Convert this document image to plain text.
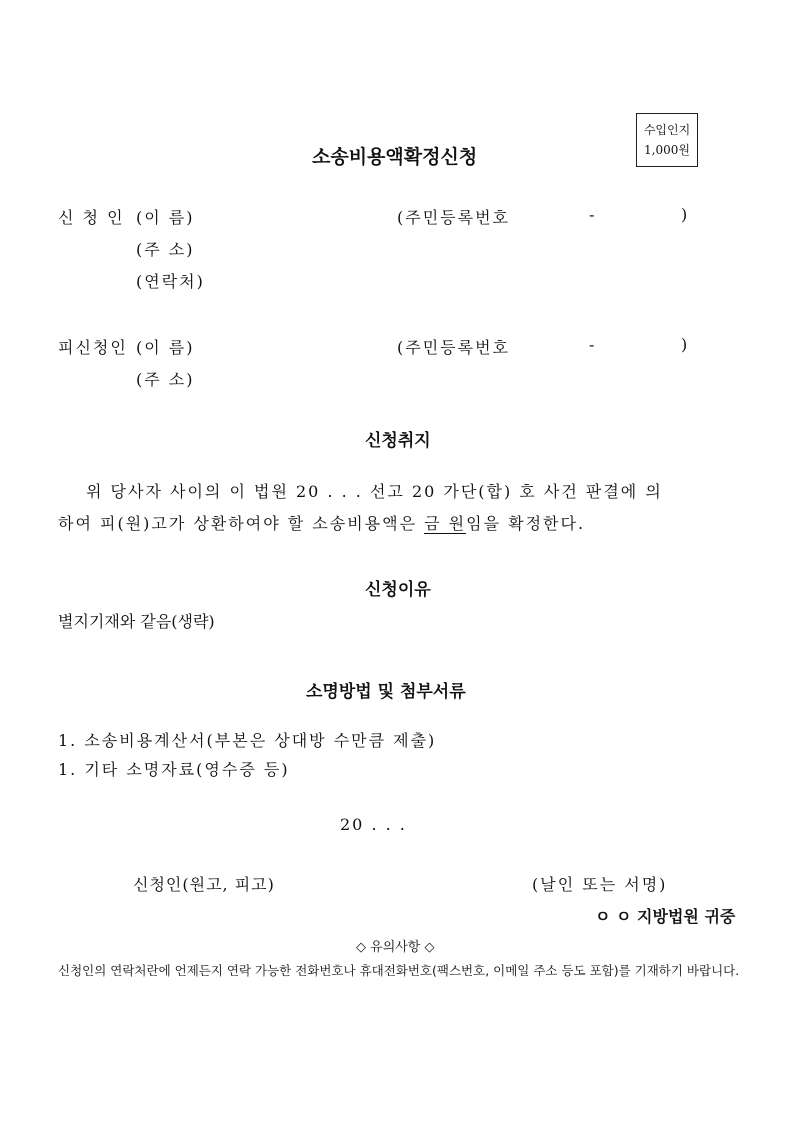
수입인지
1,000원
소송비용액확정신청
신 청 인 (이 름)	(주민등록번호	-	)
(주 소)
(연락처)
피신청인 (이 름)	(주민등록번호	-	)
(주 소)
신청취지
위 당사자 사이의 이 법원 20 . . . 선고 20 가단(합) 호 사건 판결에 의
하여 피(원)고가 상환하여야 할 소송비용액은 금 원임을 확정한다.
신청이유
별지기재와 같음(생략)
소명방법 및 첨부서류
1. 소송비용계산서(부본은 상대방 수만큼 제출)
1. 기타 소명자료(영수증 등)
20 . . .
신청인(원고, 피고)	(날인 또는 서명)
ㅇ ㅇ 지방법원 귀중
◇ 유의사항 ◇
신청인의 연락처란에 언제든지 연락 가능한 전화번호나 휴대전화번호(팩스번호, 이메일 주소 등도 포함)를 기재하기 바랍니다.
